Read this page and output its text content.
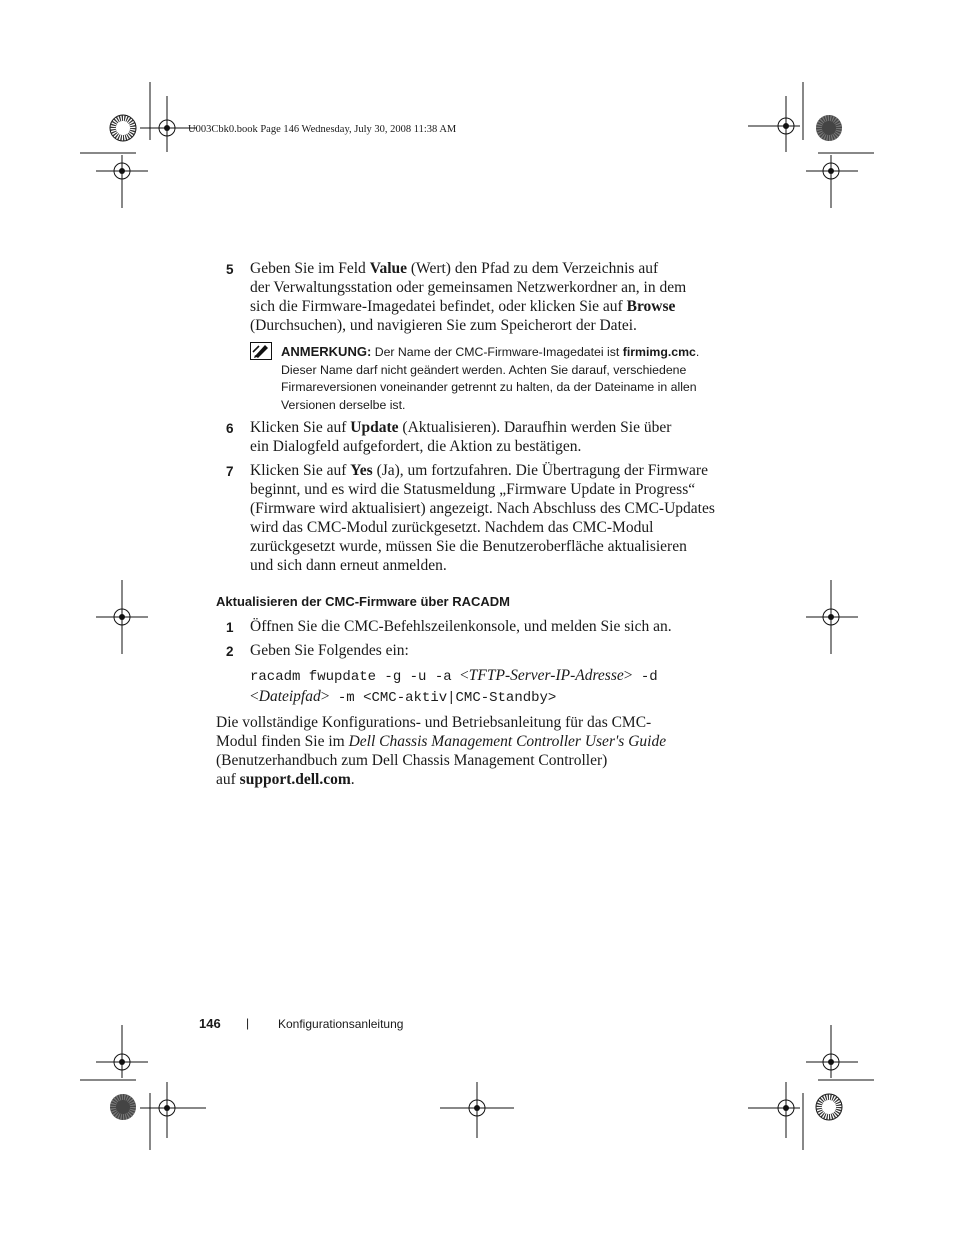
U003Cbk0.book Page 146 Wednesday, July 30, 2008 11:38 AM
5	Geben Sie im Feld Value (Wert) den Pfad zu dem Verzeichnis auf
der Verwaltungsstation oder gemeinsamen Netzwerkordner an, in dem
sich die Firmware-Imagedatei befindet, oder klicken Sie auf Browse
(Durchsuchen), und navigieren Sie zum Speicherort der Datei.
ANMERKUNG: Der Name der CMC-Firmware-Imagedatei ist firmimg.cmc.
Dieser Name darf nicht geändert werden. Achten Sie darauf, verschiedene
Firmareversionen voneinander getrennt zu halten, da der Dateiname in allen
Versionen derselbe ist.
6	Klicken Sie auf Update (Aktualisieren). Daraufhin werden Sie über
ein Dialogfeld aufgefordert, die Aktion zu bestätigen.
7	Klicken Sie auf Yes (Ja), um fortzufahren. Die Übertragung der Firmware
beginnt, und es wird die Statusmeldung „Firmware Update in Progress“
(Firmware wird aktualisiert) angezeigt. Nach Abschluss des CMC-Updates
wird das CMC-Modul zurückgesetzt. Nachdem das CMC-Modul
zurückgesetzt wurde, müssen Sie die Benutzeroberfläche aktualisieren
und sich dann erneut anmelden.
Aktualisieren der CMC-Firmware über RACADM
1	Öffnen Sie die CMC-Befehlszeilenkonsole, und melden Sie sich an.
2	Geben Sie Folgendes ein:
racadm fwupdate -g -u -a <TFTP-Server-IP-Adresse> -d
<Dateipfad> -m <CMC-aktiv|CMC-Standby>
Die vollständige Konfigurations- und Betriebsanleitung für das CMC-
Modul finden Sie im Dell Chassis Management Controller User's Guide
(Benutzerhandbuch zum Dell Chassis Management Controller)
auf support.dell.com.
146 | Konfigurationsanleitung
